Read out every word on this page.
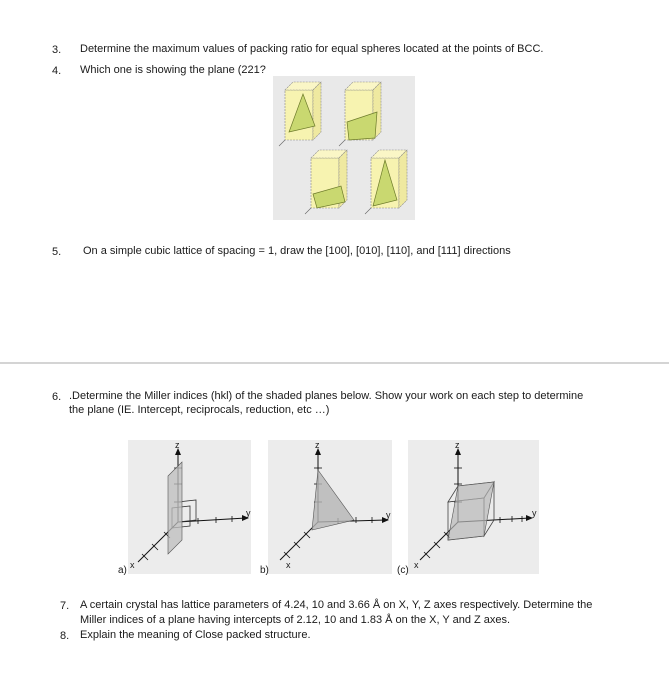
3. Determine the maximum values of packing ratio for equal spheres located at the points of BCC.
4. Which one is showing the plane (221?
5. On a simple cubic lattice of spacing = 1, draw the [100], [010], [110], and [111] directions
6. .Determine the Miller indices (hkl) of the shaded planes below. Show your work on each step to determine
the plane (IE. Intercept, reciprocals, reduction, etc …)
z
y
x
a)
z
y
x
b)
z
y
x
(c)
7. A certain crystal has lattice parameters of 4.24, 10 and 3.66 Å on X, Y, Z axes respectively. Determine the
Miller indices of a plane having intercepts of 2.12, 10 and 1.83 Å on the X, Y and Z axes.
8. Explain the meaning of Close packed structure.
